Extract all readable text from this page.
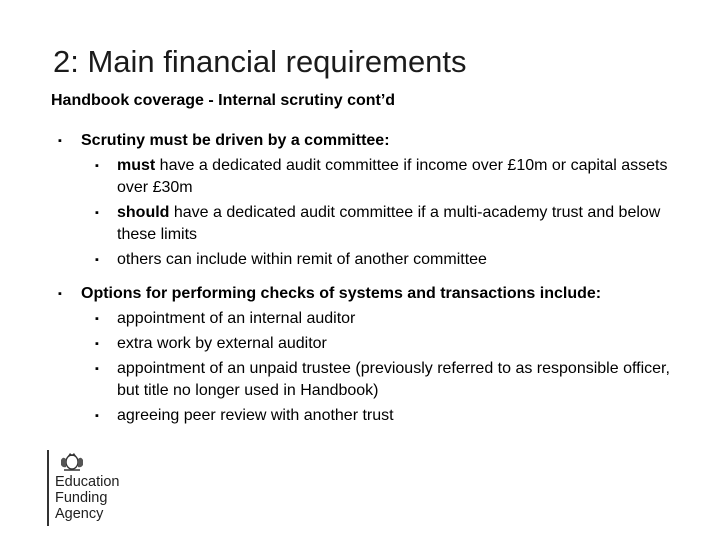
2: Main financial requirements
Handbook coverage - Internal scrutiny cont’d
▪ Scrutiny must be driven by a committee:
▪ must have a dedicated audit committee if income over £10m or capital assets over £30m
▪ should have a dedicated audit committee if a multi-academy trust and below these limits
▪ others can include within remit of another committee
▪ Options for performing checks of systems and transactions include:
▪ appointment of an internal auditor
▪ extra work by external auditor
▪ appointment of an unpaid trustee (previously referred to as responsible officer, but title no longer used in Handbook)
▪ agreeing peer review with another trust
Education
Funding
Agency
